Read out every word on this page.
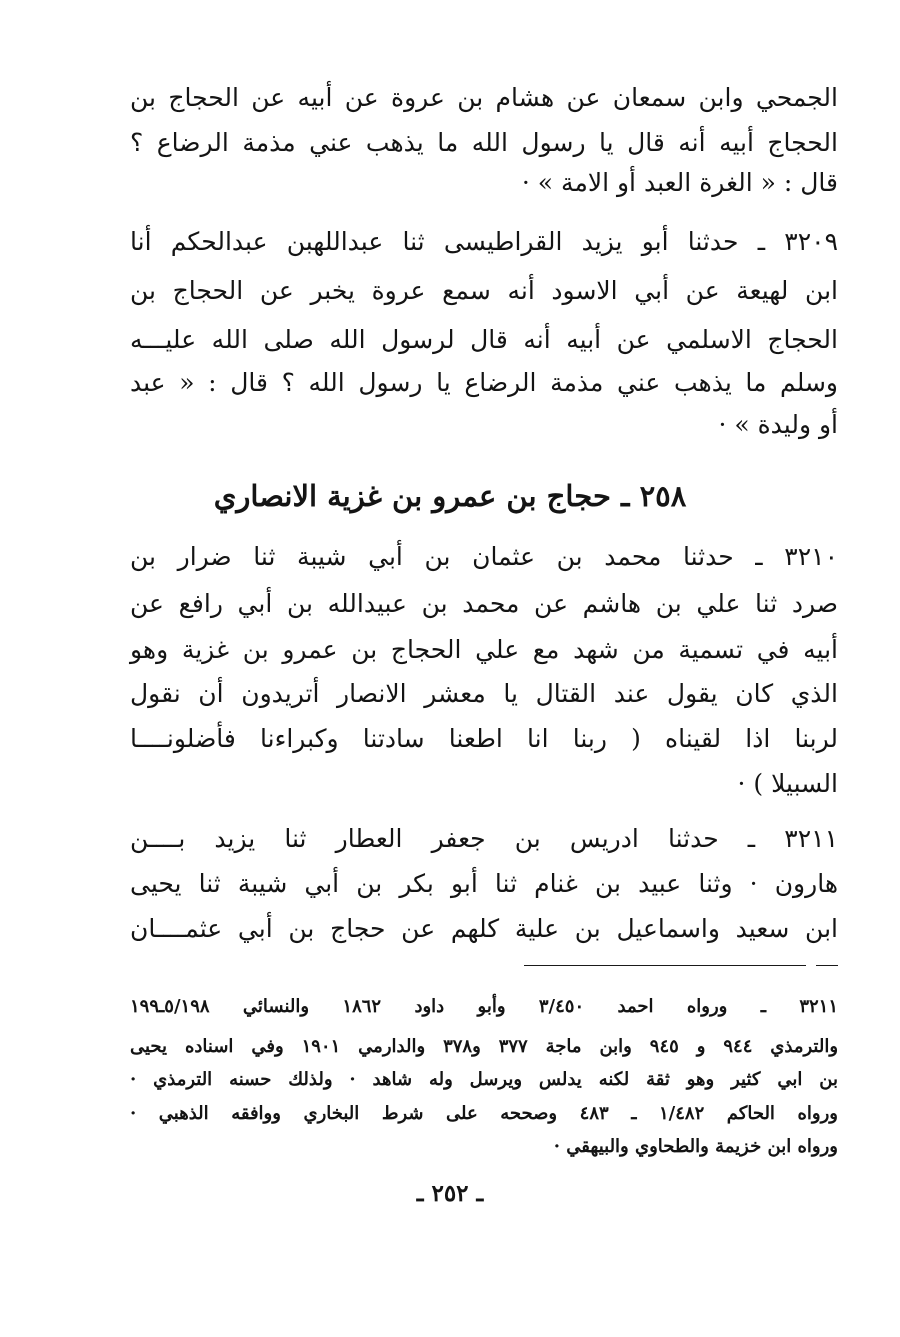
الجمحي وابن سمعان عن هشام بن عروة عن أبيه عن الحجاج بن
الحجاج أبيه أنه قال يا رسول الله ما يذهب عني مذمة الرضاع ؟
قال : « الغرة العبد أو الامة » ·
٣٢٠٩ ـ حدثنا أبو يزيد القراطيسى ثنا عبداللهبن عبدالحكم أنا
ابن لهيعة عن أبي الاسود أنه سمع عروة يخبر عن الحجاج بن
الحجاج الاسلمي عن أبيه أنه قال لرسول الله صلى الله عليـــه
وسلم ما يذهب عني مذمة الرضاع يا رسول الله ؟ قال : « عبد
أو وليدة » ·
٢٥٨ ـ حجاج بن عمرو بن غزية الانصاري
٣٢١٠ ـ حدثنا محمد بن عثمان بن أبي شيبة ثنا ضرار بن
صرد ثنا علي بن هاشم عن محمد بن عبيدالله بن أبي رافع عن
أبيه في تسمية من شهد مع علي الحجاج بن عمرو بن غزية وهو
الذي كان يقول عند القتال يا معشر الانصار أتريدون أن نقول
لربنا اذا لقيناه ( ربنا انا اطعنا سادتنا وكبراءنا فأضلونــــا
السبيلا ) ·
٣٢١١ ـ حدثنا ادريس بن جعفر العطار ثنا يزيد بــــن
هارون · وثنا عبيد بن غنام ثنا أبو بكر بن أبي شيبة ثنا يحيى
ابن سعيد واسماعيل بن علية كلهم عن حجاج بن أبي عثمــــان
٣٢١١ ـ ورواه احمد ٣/٤٥٠ وأبو داود ١٨٦٢ والنسائي ٥/١٩٨ـ١٩٩
والترمذي ٩٤٤ و ٩٤٥ وابن ماجة ٣٧٧ و٣٧٨ والدارمي ١٩٠١ وفي اسناده يحيى
بن ابي كثير وهو ثقة لكنه يدلس ويرسل وله شاهد · ولذلك حسنه الترمذي ·
ورواه الحاكم ١/٤٨٢ ـ ٤٨٣ وصححه على شرط البخاري ووافقه الذهبي ·
ورواه ابن خزيمة والطحاوي والبيهقي ·
ـ ٢٥٢ ـ
